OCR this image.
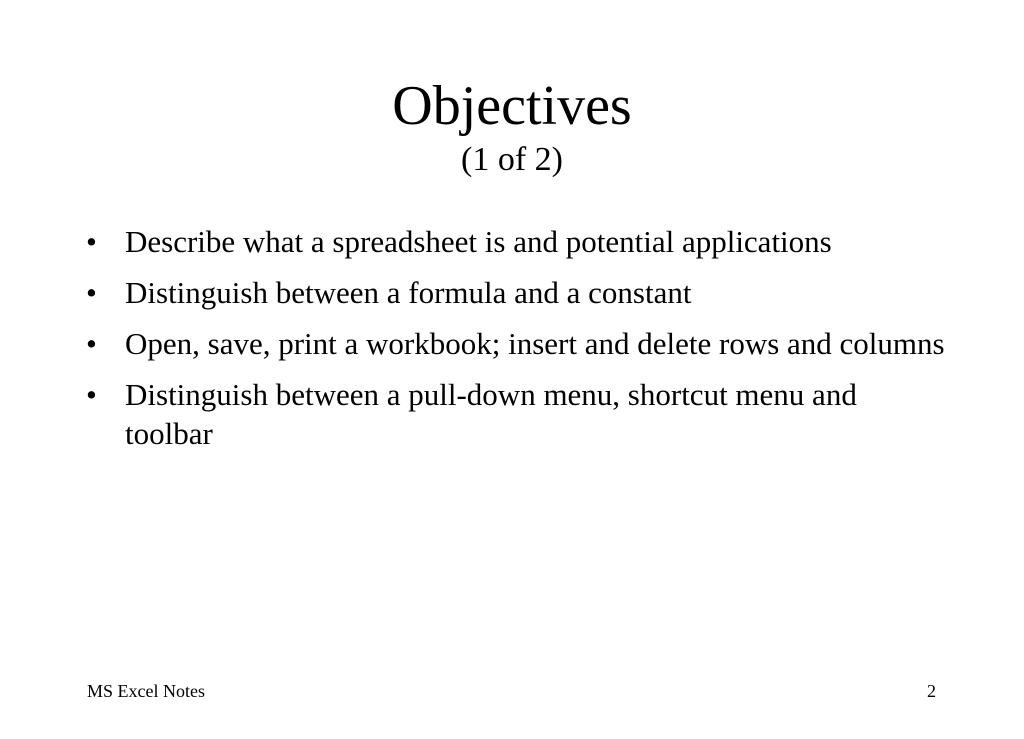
Objectives
(1 of 2)
• Describe what a spreadsheet is and potential applications
• Distinguish between a formula and a constant
• Open, save, print a workbook; insert and delete rows and columns
• Distinguish between a pull-down menu, shortcut menu and toolbar
MS Excel Notes	2
